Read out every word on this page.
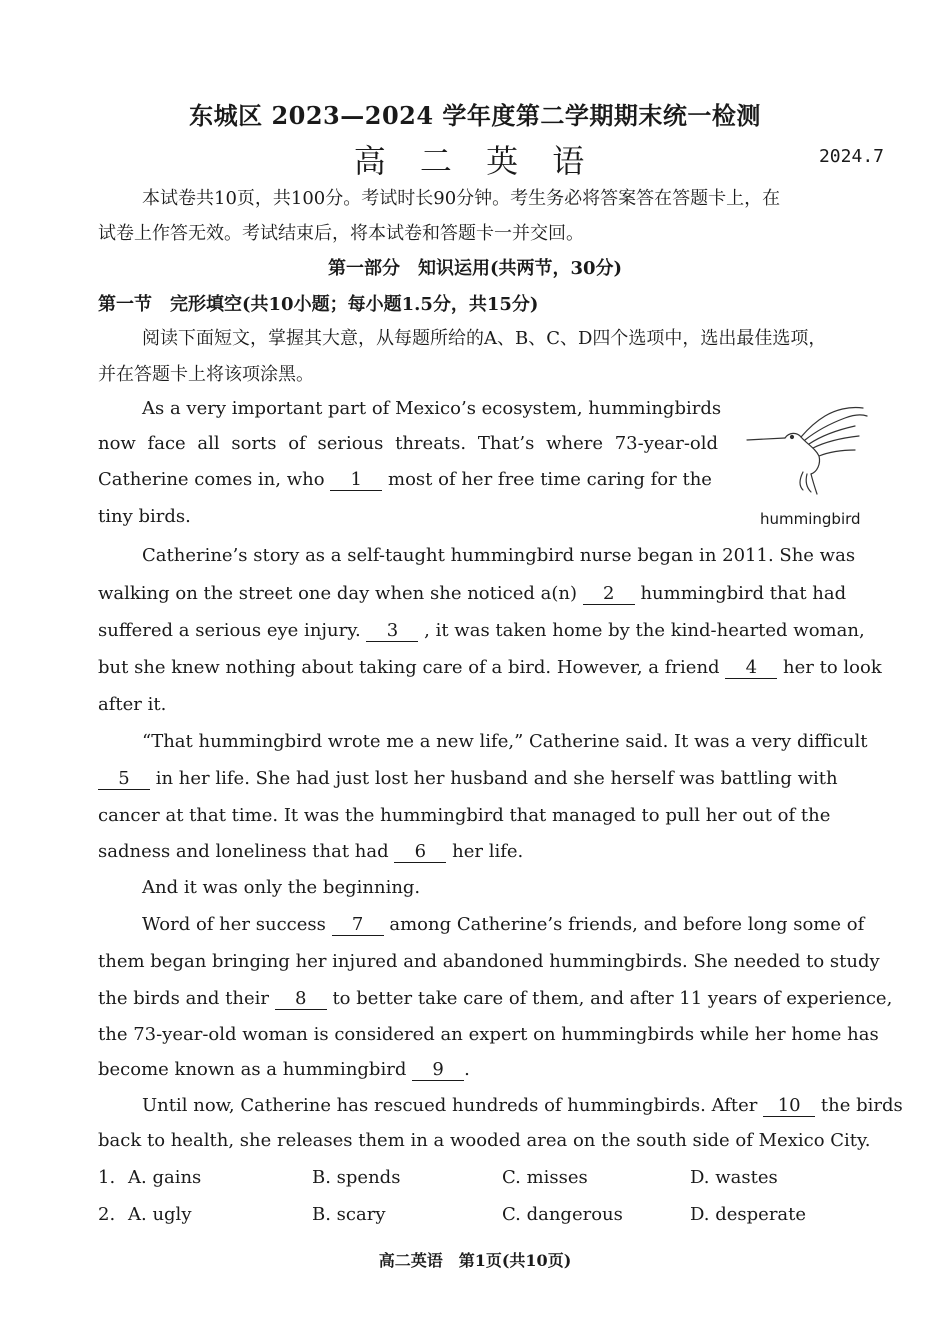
东城区 2023—2024 学年度第二学期期末统一检测
高 二 英 语	2024.7
本试卷共10页，共100分。考试时长90分钟。考生务必将答案答在答题卡上，在
试卷上作答无效。考试结束后，将本试卷和答题卡一并交回。
第一部分　知识运用(共两节，30分)
第一节　完形填空(共10小题；每小题1.5分，共15分)
阅读下面短文，掌握其大意，从每题所给的A、B、C、D四个选项中，选出最佳选项，
并在答题卡上将该项涂黑。
hummingbird
As a very important part of Mexico’s ecosystem, hummingbirds
now face all sorts of serious threats. That’s where 73-year-old
Catherine comes in, who 1 most of her free time caring for the
tiny birds.
Catherine’s story as a self-taught hummingbird nurse began in 2011. She was
walking on the street one day when she noticed a(n) 2 hummingbird that had
suffered a serious eye injury. 3 , it was taken home by the kind-hearted woman,
but she knew nothing about taking care of a bird. However, a friend 4 her to look
after it.
“That hummingbird wrote me a new life,” Catherine said. It was a very difficult
5 in her life. She had just lost her husband and she herself was battling with
cancer at that time. It was the hummingbird that managed to pull her out of the
sadness and loneliness that had 6 her life.
And it was only the beginning.
Word of her success 7 among Catherine’s friends, and before long some of
them began bringing her injured and abandoned hummingbirds. She needed to study
the birds and their 8 to better take care of them, and after 11 years of experience,
the 73-year-old woman is considered an expert on hummingbirds while her home has
become known as a hummingbird 9 .
Until now, Catherine has rescued hundreds of hummingbirds. After 10 the birds
back to health, she releases them in a wooded area on the south side of Mexico City.
1. A. gains	B. spends	C. misses	D. wastes
2. A. ugly	B. scary	C. dangerous	D. desperate
高二英语　第1页(共10页)
